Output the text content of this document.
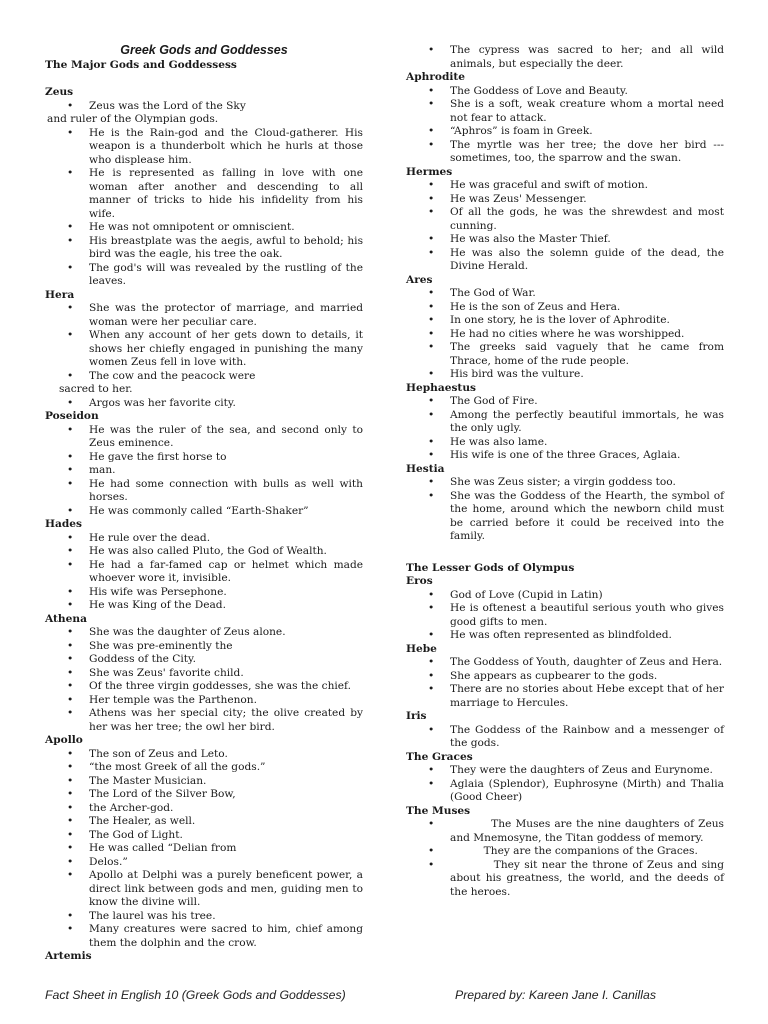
Greek Gods and Goddesses
The Major Gods and Goddessess
Zeus
• Zeus was the Lord of the Sky
and ruler of the Olympian gods.
• He is the Rain-god and the Cloud-gatherer. His weapon is a thunderbolt which he hurls at those who displease him.
• He is represented as falling in love with one woman after another and descending to all manner of tricks to hide his infidelity from his wife.
• He was not omnipotent or omniscient.
• His breastplate was the aegis, awful to behold; his bird was the eagle, his tree the oak.
• The god's will was revealed by the rustling of the leaves.
Hera
• She was the protector of marriage, and married woman were her peculiar care.
• When any account of her gets down to details, it shows her chiefly engaged in punishing the many women Zeus fell in love with.
• The cow and the peacock were
sacred to her.
• Argos was her favorite city.
Poseidon
• He was the ruler of the sea, and second only to Zeus eminence.
• He gave the first horse to
• man.
• He had some connection with bulls as well with horses.
• He was commonly called “Earth-Shaker”
Hades
• He rule over the dead.
• He was also called Pluto, the God of Wealth.
• He had a far-famed cap or helmet which made whoever wore it, invisible.
• His wife was Persephone.
• He was King of the Dead.
Athena
• She was the daughter of Zeus alone.
• She was pre-eminently the
• Goddess of the City.
• She was Zeus' favorite child.
• Of the three virgin goddesses, she was the chief.
• Her temple was the Parthenon.
• Athens was her special city; the olive created by her was her tree; the owl her bird.
Apollo
• The son of Zeus and Leto.
• “the most Greek of all the gods.”
• The Master Musician.
• The Lord of the Silver Bow,
• the Archer-god.
• The Healer, as well.
• The God of Light.
• He was called “Delian from
• Delos.”
• Apollo at Delphi was a purely beneficent power, a direct link between gods and men, guiding men to know the divine will.
• The laurel was his tree.
• Many creatures were sacred to him, chief among them the dolphin and the crow.
Artemis
• The cypress was sacred to her; and all wild animals, but especially the deer.
Aphrodite
• The Goddess of Love and Beauty.
• She is a soft, weak creature whom a mortal need not fear to attack.
• “Aphros” is foam in Greek.
• The myrtle was her tree; the dove her bird --- sometimes, too, the sparrow and the swan.
Hermes
• He was graceful and swift of motion.
• He was Zeus' Messenger.
• Of all the gods, he was the shrewdest and most cunning.
• He was also the Master Thief.
• He was also the solemn guide of the dead, the Divine Herald.
Ares
• The God of War.
• He is the son of Zeus and Hera.
• In one story, he is the lover of Aphrodite.
• He had no cities where he was worshipped.
• The greeks said vaguely that he came from Thrace, home of the rude people.
• His bird was the vulture.
Hephaestus
• The God of Fire.
• Among the perfectly beautiful immortals, he was the only ugly.
• He was also lame.
• His wife is one of the three Graces, Aglaia.
Hestia
• She was Zeus sister; a virgin goddess too.
• She was the Goddess of the Hearth, the symbol of the home, around which the newborn child must be carried before it could be received into the family.
The Lesser Gods of Olympus
Eros
• God of Love (Cupid in Latin)
• He is oftenest a beautiful serious youth who gives good gifts to men.
• He was often represented as blindfolded.
Hebe
• The Goddess of Youth, daughter of Zeus and Hera.
• She appears as cupbearer to the gods.
• There are no stories about Hebe except that of her marriage to Hercules.
Iris
• The Goddess of the Rainbow and a messenger of the gods.
The Graces
• They were the daughters of Zeus and Eurynome.
• Aglaia (Splendor), Euphrosyne (Mirth) and Thalia (Good Cheer)
The Muses
•           The Muses are the nine daughters of Zeus and Mnemosyne, the Titan goddess of memory.
•           They are the companions of the Graces.
•           They sit near the throne of Zeus and sing about his greatness, the world, and the deeds of the heroes.
Fact Sheet in English 10 (Greek Gods and Goddesses)	Prepared by: Kareen Jane I. Canillas
